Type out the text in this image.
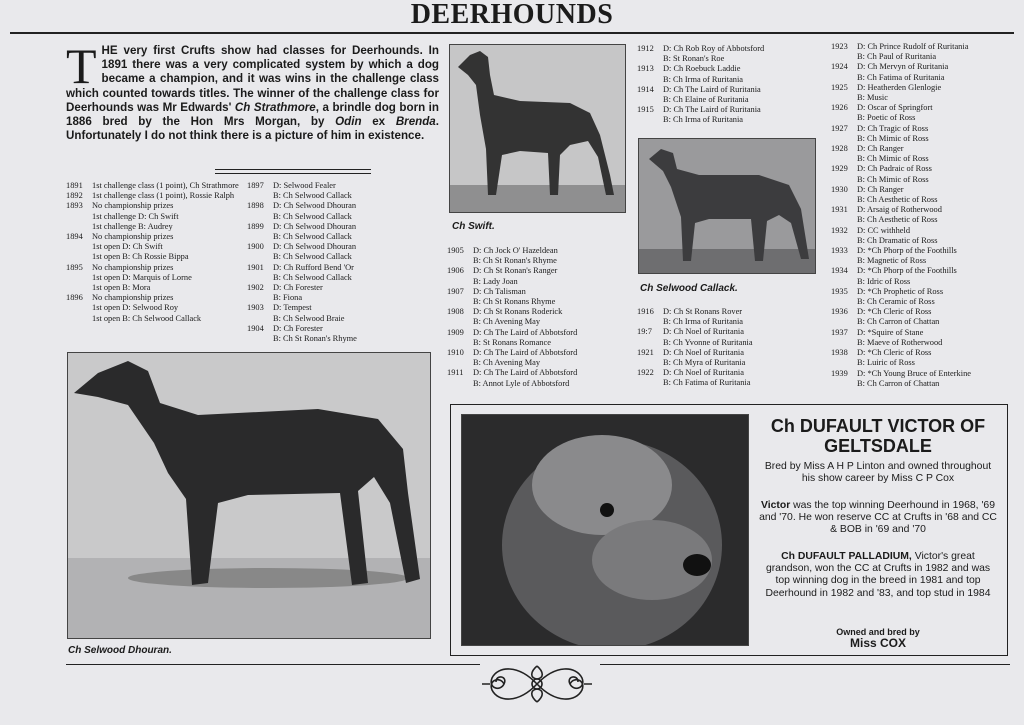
DEERHOUNDS
THE very first Crufts show had classes for Deerhounds. In 1891 there was a very complicated system by which a dog became a champion, and it was wins in the challenge class which counted towards titles. The winner of the challenge class for Deerhounds was Mr Edwards' Ch Strathmore, a brindle dog born in 1886 bred by the Hon Mrs Morgan, by Odin ex Brenda. Unfortunately I do not think there is a picture of him in existence.
1891	1st challenge class (1 point), Ch Strathmore
1892	1st challenge class (1 point), Rossie Ralph
1893	No championship prizes
1st challenge D: Ch Swift
1st challenge B: Audrey
1894	No championship prizes
1st open D: Ch Swift
1st open B: Ch Rossie Bippa
1895	No championship prizes
1st open D: Marquis of Lorne
1st open B: Mora
1896	No championship prizes
1st open D: Selwood Roy
1st open B: Ch Selwood Callack
1897	D: Selwood Fealer
B: Ch Selwood Callack
1898	D: Ch Selwood Dhouran
B: Ch Selwood Callack
1899	D: Ch Selwood Dhouran
B: Ch Selwood Callack
1900	D: Ch Selwood Dhouran
B: Ch Selwood Callack
1901	D: Ch Rufford Bend 'Or
B: Ch Selwood Callack
1902	D: Ch Forester
B: Fiona
1903	D: Tempest
B: Ch Selwood Braie
1904	D: Ch Forester
B: Ch St Ronan's Rhyme
1905	D: Ch Jock O' Hazeldean
B: Ch St Ronan's Rhyme
1906	D: Ch St Ronan's Ranger
B: Lady Joan
1907	D: Ch Talisman
B: Ch St Ronans Rhyme
1908	D: Ch St Ronans Roderick
B: Ch Avening May
1909	D: Ch The Laird of Abbotsford
B: St Ronans Romance
1910	D: Ch The Laird of Abbotsford
B: Ch Avening May
1911	D: Ch The Laird of Abbotsford
B: Annot Lyle of Abbotsford
1912	D: Ch Rob Roy of Abbotsford
B: St Ronan's Roe
1913	D: Ch Roebuck Laddie
B: Ch Irma of Ruritania
1914	D: Ch The Laird of Ruritania
B: Ch Elaine of Ruritania
1915	D: Ch The Laird of Ruritania
B: Ch Irma of Ruritania
1916	D: Ch St Ronans Rover
B: Ch Irma of Ruritania
19:7	D: Ch Noel of Ruritania
B: Ch Yvonne of Ruritania
1921	D: Ch Noel of Ruritania
B: Ch Myra of Ruritania
1922	D: Ch Noel of Ruritania
B: Ch Fatima of Ruritania
1923	D: Ch Prince Rudolf of Ruritania
B: Ch Paul of Ruritania
1924	D: Ch Mervyn of Ruritania
B: Ch Fatima of Ruritania
1925	D: Heatherden Glenlogie
B: Music
1926	D: Oscar of Springfort
B: Poetic of Ross
1927	D: Ch Tragic of Ross
B: Ch Mimic of Ross
1928	D: Ch Ranger
B: Ch Mimic of Ross
1929	D: Ch Padraic of Ross
B: Ch Mimic of Ross
1930	D: Ch Ranger
B: Ch Aesthetic of Ross
1931	D: Arsaig of Rotherwood
B: Ch Aesthetic of Ross
1932	D: CC withheld
B: Ch Dramatic of Ross
1933	D: *Ch Phorp of the Foothills
B: Magnetic of Ross
1934	D: *Ch Phorp of the Foothills
B: Idric of Ross
1935	D: *Ch Prophetic of Ross
B: Ch Ceramic of Ross
1936	D: *Ch Cleric of Ross
B: Ch Carron of Chattan
1937	D: *Squire of Stane
B: Maeve of Rotherwood
1938	D: *Ch Cleric of Ross
B: Luiric of Ross
1939	D: *Ch Young Bruce of Enterkine
B: Ch Carron of Chattan
Ch Swift.
Ch Selwood Callack.
Ch Selwood Dhouran.
Ch DUFAULT VICTOR OF GELTSDALE
Bred by Miss A H P Linton and owned throughout his show career by Miss C P Cox
Victor was the top winning Deerhound in 1968, '69 and '70. He won reserve CC at Crufts in '68 and CC & BOB in '69 and '70
Ch DUFAULT PALLADIUM, Victor's great grandson, won the CC at Crufts in 1982 and was top winning dog in the breed in 1981 and top Deerhound in 1982 and '83, and top stud in 1984
Owned and bred by
Miss COX
